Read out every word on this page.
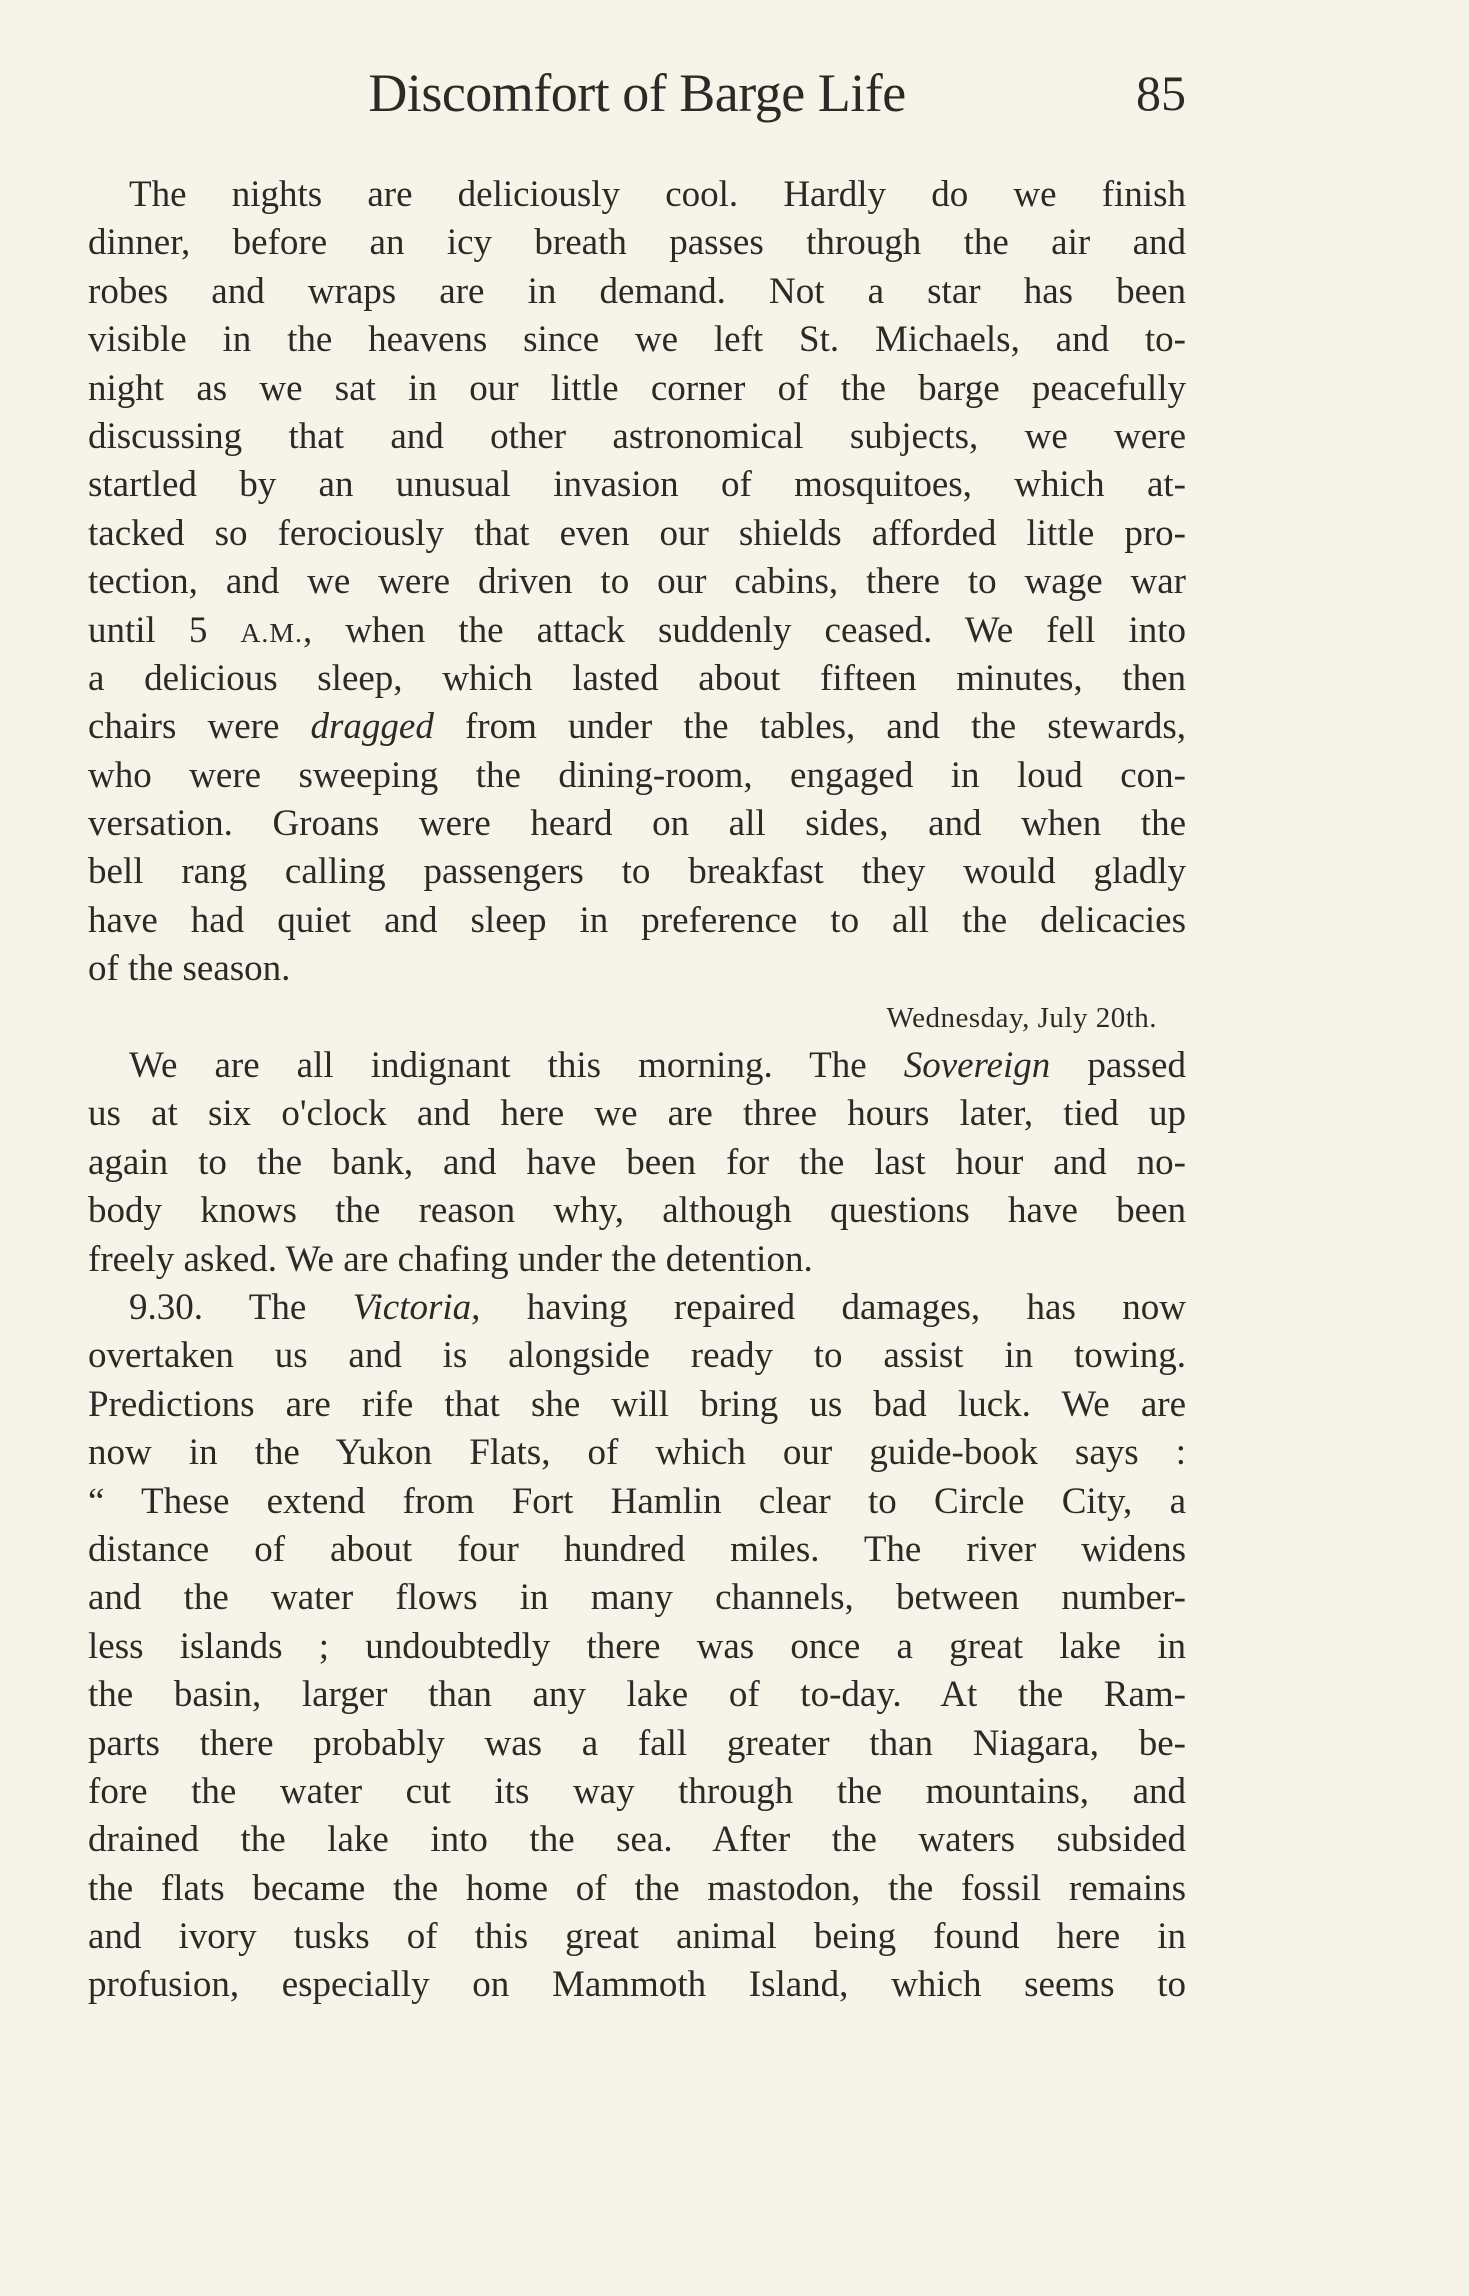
Discomfort of Barge Life	85
The nights are deliciously cool. Hardly do we finish
dinner, before an icy breath passes through the air and
robes and wraps are in demand. Not a star has been
visible in the heavens since we left St. Michaels, and to-
night as we sat in our little corner of the barge peacefully
discussing that and other astronomical subjects, we were
startled by an unusual invasion of mosquitoes, which at-
tacked so ferociously that even our shields afforded little pro-
tection, and we were driven to our cabins, there to wage war
until 5 A.M., when the attack suddenly ceased. We fell into
a delicious sleep, which lasted about fifteen minutes, then
chairs were dragged from under the tables, and the stewards,
who were sweeping the dining-room, engaged in loud con-
versation. Groans were heard on all sides, and when the
bell rang calling passengers to breakfast they would gladly
have had quiet and sleep in preference to all the delicacies
of the season.
Wednesday, July 20th.
We are all indignant this morning. The Sovereign passed
us at six o'clock and here we are three hours later, tied up
again to the bank, and have been for the last hour and no-
body knows the reason why, although questions have been
freely asked. We are chafing under the detention.
9.30. The Victoria, having repaired damages, has now
overtaken us and is alongside ready to assist in towing.
Predictions are rife that she will bring us bad luck. We are
now in the Yukon Flats, of which our guide-book says :
“ These extend from Fort Hamlin clear to Circle City, a
distance of about four hundred miles. The river widens
and the water flows in many channels, between number-
less islands ; undoubtedly there was once a great lake in
the basin, larger than any lake of to-day. At the Ram-
parts there probably was a fall greater than Niagara, be-
fore the water cut its way through the mountains, and
drained the lake into the sea. After the waters subsided
the flats became the home of the mastodon, the fossil remains
and ivory tusks of this great animal being found here in
profusion, especially on Mammoth Island, which seems to
